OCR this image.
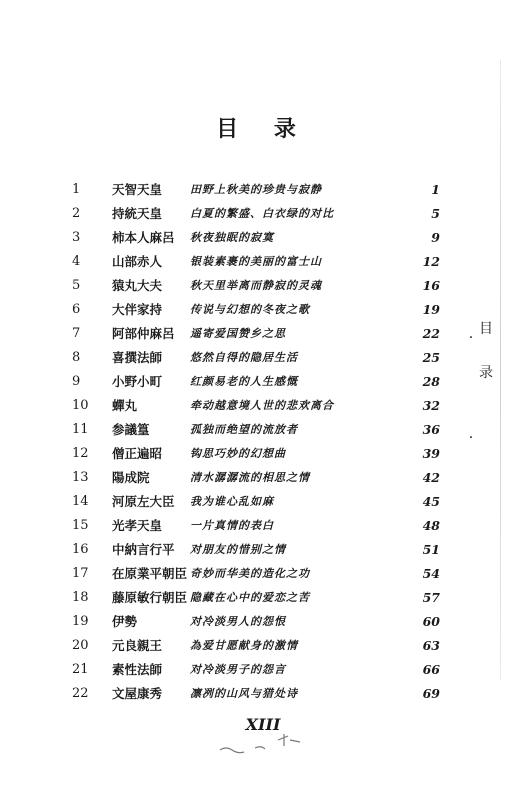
目 录
1	天智天皇	田野上秋美的珍贵与寂静	1
2	持統天皇	白夏的繁盛、白衣绿的对比	5
3	柿本人麻呂 秋夜独眠的寂寞	9
4	山部赤人	银装素裹的美丽的富士山	12
5	猿丸大夫	秋天里举离而静寂的灵魂	16
6	大伴家持	传说与幻想的冬夜之歌	19
7	阿部仲麻呂 遥寄爱国赞乡之思	22
8	喜撰法師	悠然自得的隐居生活	25
9	小野小町	红颜易老的人生感慨	28
10 蟬丸	牵动越意境人世的悲欢离合	32
11 参議篁	孤独而绝望的流放者	36
12 僧正遍昭	钩思巧妙的幻想曲	39
13 陽成院	清水潺潺流的相思之情	42
14 河原左大臣 我为谁心乱如麻	45
15 光孝天皇	一片真情的表白	48
16 中納言行平 对朋友的惜别之情	51
17 在原業平朝臣 奇妙而华美的造化之功	54
18 藤原敏行朝臣 隐藏在心中的爱恋之苦	57
19 伊勢	对冷淡男人的怨恨	60
20 元良親王	為爱甘愿献身的激情	63
21 素性法師	对冷淡男子的怨言	66
22 文屋康秀	凛冽的山风与猎处诗	69
·
目

录
·
XIII
